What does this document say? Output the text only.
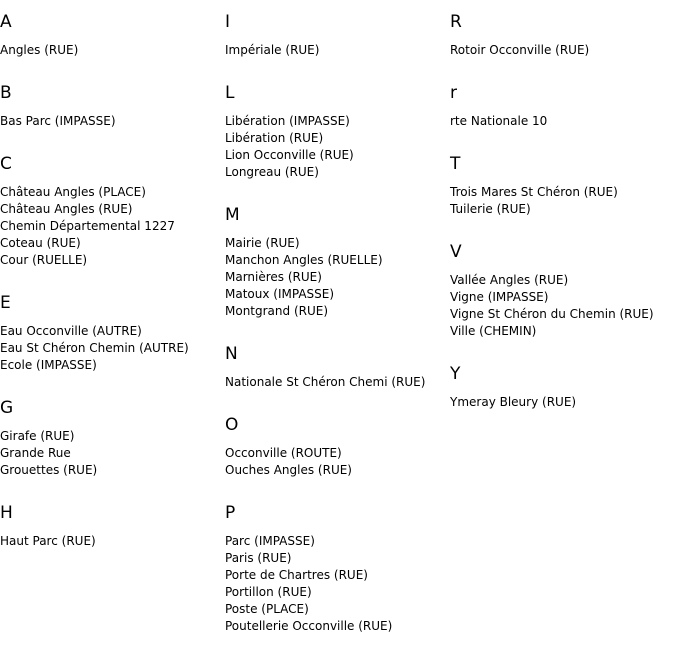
A
Angles (RUE)
B
Bas Parc (IMPASSE)
C
Château Angles (PLACE)
Château Angles (RUE)
Chemin Départemental 1227
Coteau (RUE)
Cour (RUELLE)
E
Eau Occonville (AUTRE)
Eau St Chéron Chemin (AUTRE)
Ecole (IMPASSE)
G
Girafe (RUE)
Grande Rue
Grouettes (RUE)
H
Haut Parc (RUE)
I
Impériale (RUE)
L
Libération (IMPASSE)
Libération (RUE)
Lion Occonville (RUE)
Longreau (RUE)
M
Mairie (RUE)
Manchon Angles (RUELLE)
Marnières (RUE)
Matoux (IMPASSE)
Montgrand (RUE)
N
Nationale St Chéron Chemi (RUE)
O
Occonville (ROUTE)
Ouches Angles (RUE)
P
Parc (IMPASSE)
Paris (RUE)
Porte de Chartres (RUE)
Portillon (RUE)
Poste (PLACE)
Poutellerie Occonville (RUE)
R
Rotoir Occonville (RUE)
r
rte Nationale 10
T
Trois Mares St Chéron (RUE)
Tuilerie (RUE)
V
Vallée Angles (RUE)
Vigne (IMPASSE)
Vigne St Chéron du Chemin (RUE)
Ville (CHEMIN)
Y
Ymeray Bleury (RUE)
